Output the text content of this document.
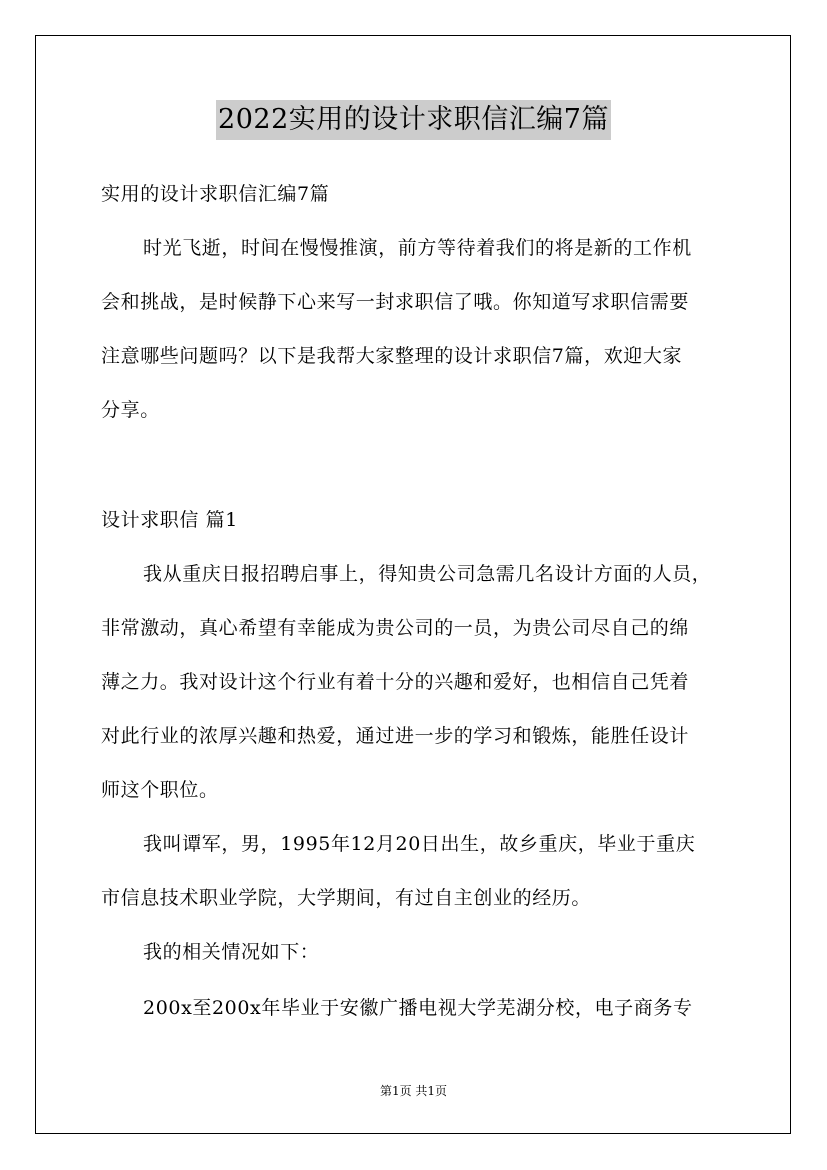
2022实用的设计求职信汇编7篇
实用的设计求职信汇编7篇
时光飞逝，时间在慢慢推演，前方等待着我们的将是新的工作机
会和挑战，是时候静下心来写一封求职信了哦。你知道写求职信需要
注意哪些问题吗？以下是我帮大家整理的设计求职信7篇，欢迎大家
分享。
设计求职信 篇1
我从重庆日报招聘启事上，得知贵公司急需几名设计方面的人员，
非常激动，真心希望有幸能成为贵公司的一员，为贵公司尽自己的绵
薄之力。我对设计这个行业有着十分的兴趣和爱好，也相信自己凭着
对此行业的浓厚兴趣和热爱，通过进一步的学习和锻炼，能胜任设计
师这个职位。
我叫谭军，男，1995年12月20日出生，故乡重庆，毕业于重庆
市信息技术职业学院，大学期间，有过自主创业的经历。
我的相关情况如下：
200x至200x年毕业于安徽广播电视大学芜湖分校，电子商务专
第1页 共1页
